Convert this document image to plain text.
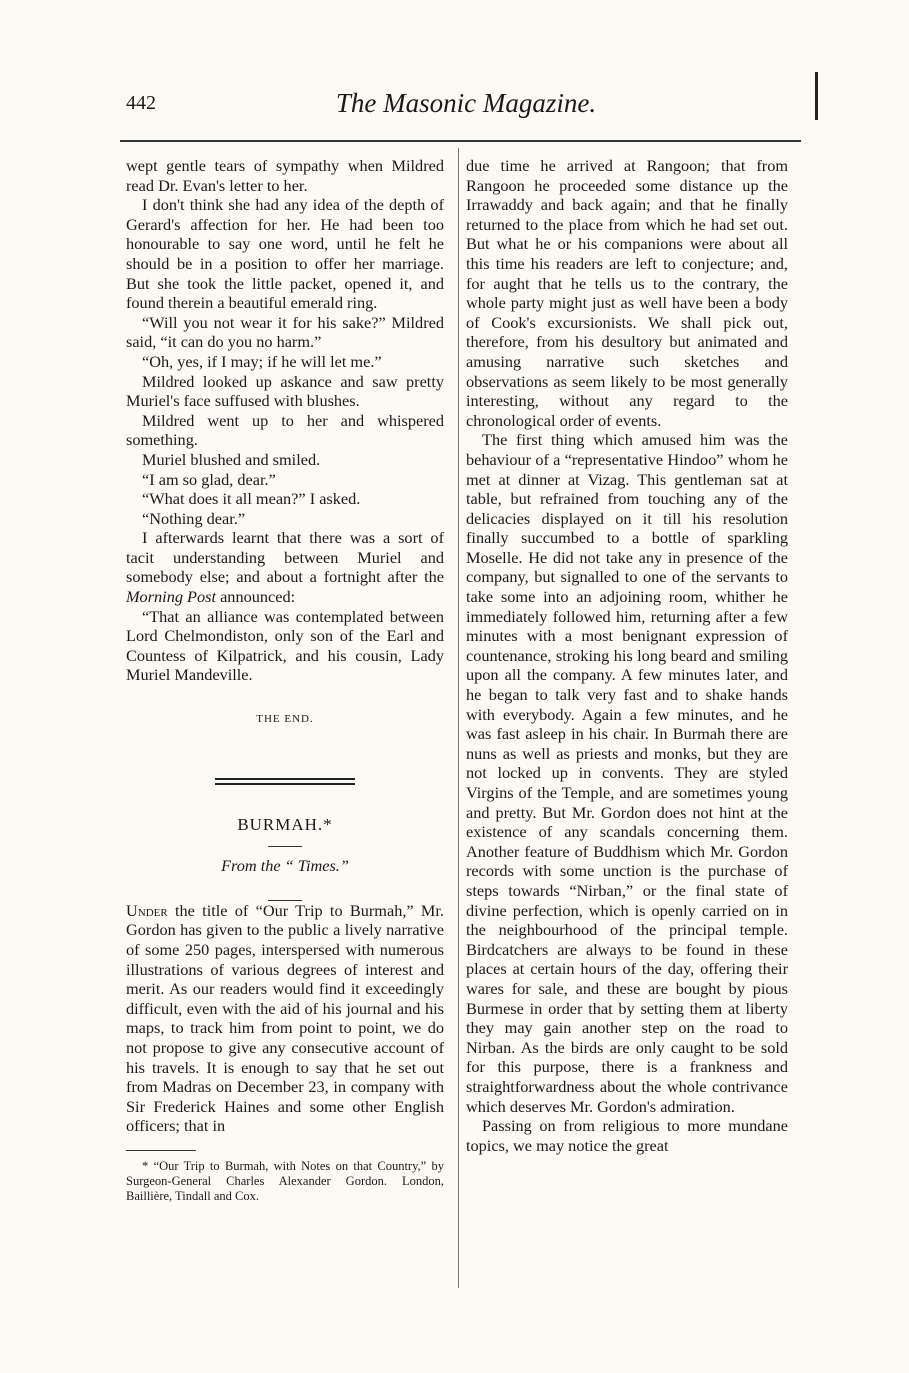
442	The Masonic Magazine.

wept gentle tears of sympathy when Mildred read Dr. Evan's letter to her.

I don't think she had any idea of the depth of Gerard's affection for her. He had been too honourable to say one word, until he felt he should be in a position to offer her marriage. But she took the little packet, opened it, and found therein a beautiful emerald ring.

“Will you not wear it for his sake?” Mildred said, “it can do you no harm.”

“Oh, yes, if I may; if he will let me.”

Mildred looked up askance and saw pretty Muriel's face suffused with blushes.

Mildred went up to her and whispered something.

Muriel blushed and smiled.

“I am so glad, dear.”

“What does it all mean?” I asked.

“Nothing dear.”

I afterwards learnt that there was a sort of tacit understanding between Muriel and somebody else; and about a fortnight after the Morning Post announced:

“That an alliance was contemplated between Lord Chelmondiston, only son of the Earl and Countess of Kilpatrick, and his cousin, Lady Muriel Mandeville.

THE END.
BURMAH.*
From the “ Times.”

Under the title of “Our Trip to Burmah,” Mr. Gordon has given to the public a lively narrative of some 250 pages, interspersed with numerous illustrations of various degrees of interest and merit. As our readers would find it exceedingly difficult, even with the aid of his journal and his maps, to track him from point to point, we do not propose to give any consecutive account of his travels. It is enough to say that he set out from Madras on December 23, in company with Sir Frederick Haines and some other English officers; that in

* “Our Trip to Burmah, with Notes on that Country,” by Surgeon-General Charles Alexander Gordon. London, Baillière, Tindall and Cox.

due time he arrived at Rangoon; that from Rangoon he proceeded some distance up the Irrawaddy and back again; and that he finally returned to the place from which he had set out. But what he or his companions were about all this time his readers are left to conjecture; and, for aught that he tells us to the contrary, the whole party might just as well have been a body of Cook's excursionists. We shall pick out, therefore, from his desultory but animated and amusing narrative such sketches and observations as seem likely to be most generally interesting, without any regard to the chronological order of events.

The first thing which amused him was the behaviour of a “representative Hindoo” whom he met at dinner at Vizag. This gentleman sat at table, but refrained from touching any of the delicacies displayed on it till his resolution finally succumbed to a bottle of sparkling Moselle. He did not take any in presence of the company, but signalled to one of the servants to take some into an adjoining room, whither he immediately followed him, returning after a few minutes with a most benignant expression of countenance, stroking his long beard and smiling upon all the company. A few minutes later, and he began to talk very fast and to shake hands with everybody. Again a few minutes, and he was fast asleep in his chair. In Burmah there are nuns as well as priests and monks, but they are not locked up in convents. They are styled Virgins of the Temple, and are sometimes young and pretty. But Mr. Gordon does not hint at the existence of any scandals concerning them. Another feature of Buddhism which Mr. Gordon records with some unction is the purchase of steps towards “Nirban,” or the final state of divine perfection, which is openly carried on in the neighbourhood of the principal temple. Birdcatchers are always to be found in these places at certain hours of the day, offering their wares for sale, and these are bought by pious Burmese in order that by setting them at liberty they may gain another step on the road to Nirban. As the birds are only caught to be sold for this purpose, there is a frankness and straightforwardness about the whole contrivance which deserves Mr. Gordon's admiration.

Passing on from religious to more mundane topics, we may notice the great
